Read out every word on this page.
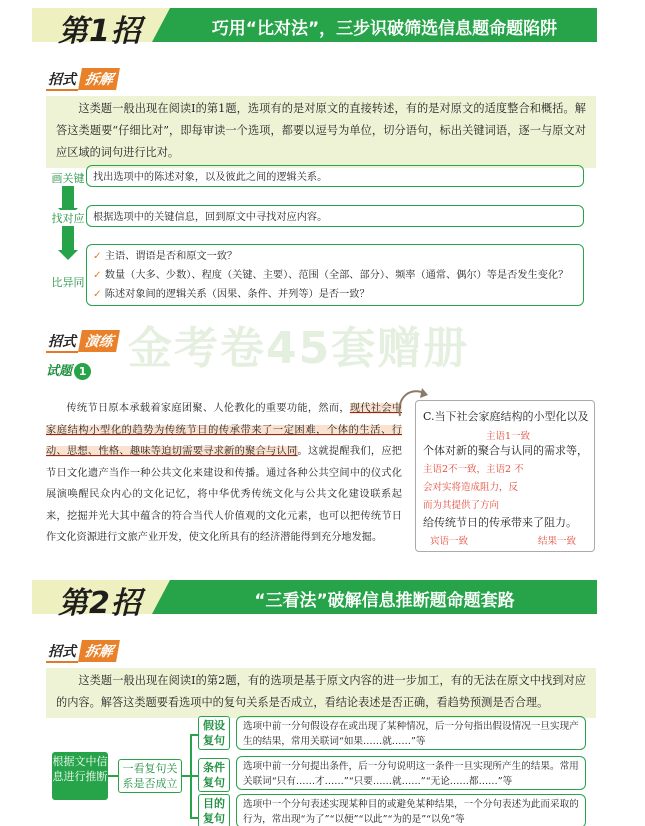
第1招	巧用“比对法”，三步识破筛选信息题命题陷阱
招式 拆解
这类题一般出现在阅读Ⅰ的第1题，选项有的是对原文的直接转述，有的是对原文的适度整合和概括。解答这类题要“仔细比对”，即每审读一个选项，都要以逗号为单位，切分语句，标出关键词语，逐一与原文对应区域的词句进行比对。
画关键
找对应
比异同
找出选项中的陈述对象，以及彼此之间的逻辑关系。
根据选项中的关键信息，回到原文中寻找对应内容。
✓ 主语、谓语是否和原文一致？
✓ 数量（大多、少数）、程度（关键、主要）、范围（全部、部分）、频率（通常、偶尔）等是否发生变化？
✓ 陈述对象间的逻辑关系（因果、条件、并列等）是否一致？
金考卷45套赠册
招式 演练
试题 1
传统节日原本承载着家庭团聚、人伦教化的重要功能，然而，现代社会中家庭结构小型化的趋势为传统节日的传承带来了一定困难，个体的生活、行动、思想、性格、趣味等迫切需要寻求新的聚合与认同。这就提醒我们，应把节日文化遗产当作一种公共文化来建设和传播。通过各种公共空间中的仪式化展演唤醒民众内心的文化记忆，将中华优秀传统文化与公共文化建设联系起来，挖掘并光大其中蕴含的符合当代人价值观的文化元素，也可以把传统节日作文化资源进行文旅产业开发，使文化所具有的经济潜能得到充分地发掘。
C.当下社会家庭结构的小型化以及
主语1一致
个体对新的聚合与认同的需求等，
主语2不一致，主语2 不
会对实将造成阻力，反
而为其提供了方向
给传统节日的传承带来了阻力。
宾语一致	结果一致
第2招	“三看法”破解信息推断题命题套路
招式 拆解
这类题一般出现在阅读Ⅰ的第2题，有的选项是基于原文内容的进一步加工，有的无法在原文中找到对应的内容。解答这类题要看选项中的复句关系是否成立，看结论表述是否正确，看趋势预测是否合理。
根据文中信息进行推断
一看复句关系是否成立
假设复句
条件复句
目的复句
选项中前一分句假设存在或出现了某种情况，后一分句指出假设情况一旦实现产生的结果，常用关联词“如果……就……”等
选项中前一分句提出条件，后一分句说明这一条件一旦实现所产生的结果。常用关联词“只有……才……”“只要……就……”“无论……都……”等
选项中一个分句表述实现某种目的或避免某种结果，一个分句表述为此而采取的行为，常出现“为了”“以便”“以此”“为的是”“以免”等
